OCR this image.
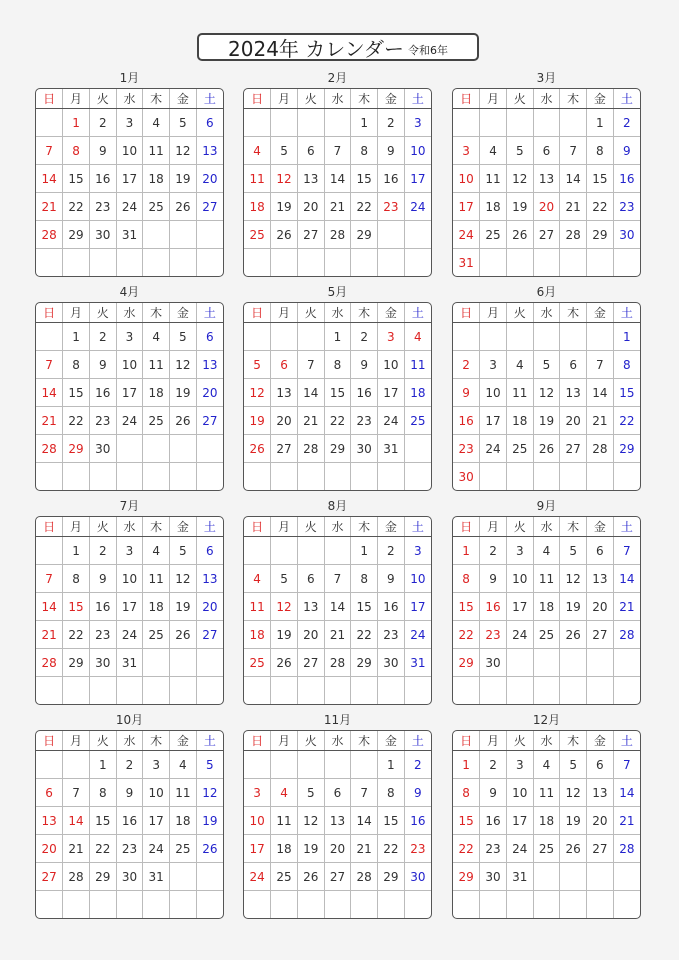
2024年 カレンダー 令和6年
1月
日	月	火	水	木	金	土
	1	2	3	4	5	6
7	8	9	10	11	12	13
14	15	16	17	18	19	20
21	22	23	24	25	26	27
28	29	30	31			

2月
日	月	火	水	木	金	土
				1	2	3
4	5	6	7	8	9	10
11	12	13	14	15	16	17
18	19	20	21	22	23	24
25	26	27	28	29		

3月
日	月	火	水	木	金	土
					1	2
3	4	5	6	7	8	9
10	11	12	13	14	15	16
17	18	19	20	21	22	23
24	25	26	27	28	29	30
31						
4月
日	月	火	水	木	金	土
	1	2	3	4	5	6
7	8	9	10	11	12	13
14	15	16	17	18	19	20
21	22	23	24	25	26	27
28	29	30				

5月
日	月	火	水	木	金	土
			1	2	3	4
5	6	7	8	9	10	11
12	13	14	15	16	17	18
19	20	21	22	23	24	25
26	27	28	29	30	31	

6月
日	月	火	水	木	金	土
						1
2	3	4	5	6	7	8
9	10	11	12	13	14	15
16	17	18	19	20	21	22
23	24	25	26	27	28	29
30						
7月
日	月	火	水	木	金	土
	1	2	3	4	5	6
7	8	9	10	11	12	13
14	15	16	17	18	19	20
21	22	23	24	25	26	27
28	29	30	31			

8月
日	月	火	水	木	金	土
				1	2	3
4	5	6	7	8	9	10
11	12	13	14	15	16	17
18	19	20	21	22	23	24
25	26	27	28	29	30	31

9月
日	月	火	水	木	金	土
1	2	3	4	5	6	7
8	9	10	11	12	13	14
15	16	17	18	19	20	21
22	23	24	25	26	27	28
29	30					

10月
日	月	火	水	木	金	土
		1	2	3	4	5
6	7	8	9	10	11	12
13	14	15	16	17	18	19
20	21	22	23	24	25	26
27	28	29	30	31		

11月
日	月	火	水	木	金	土
					1	2
3	4	5	6	7	8	9
10	11	12	13	14	15	16
17	18	19	20	21	22	23
24	25	26	27	28	29	30

12月
日	月	火	水	木	金	土
1	2	3	4	5	6	7
8	9	10	11	12	13	14
15	16	17	18	19	20	21
22	23	24	25	26	27	28
29	30	31				
